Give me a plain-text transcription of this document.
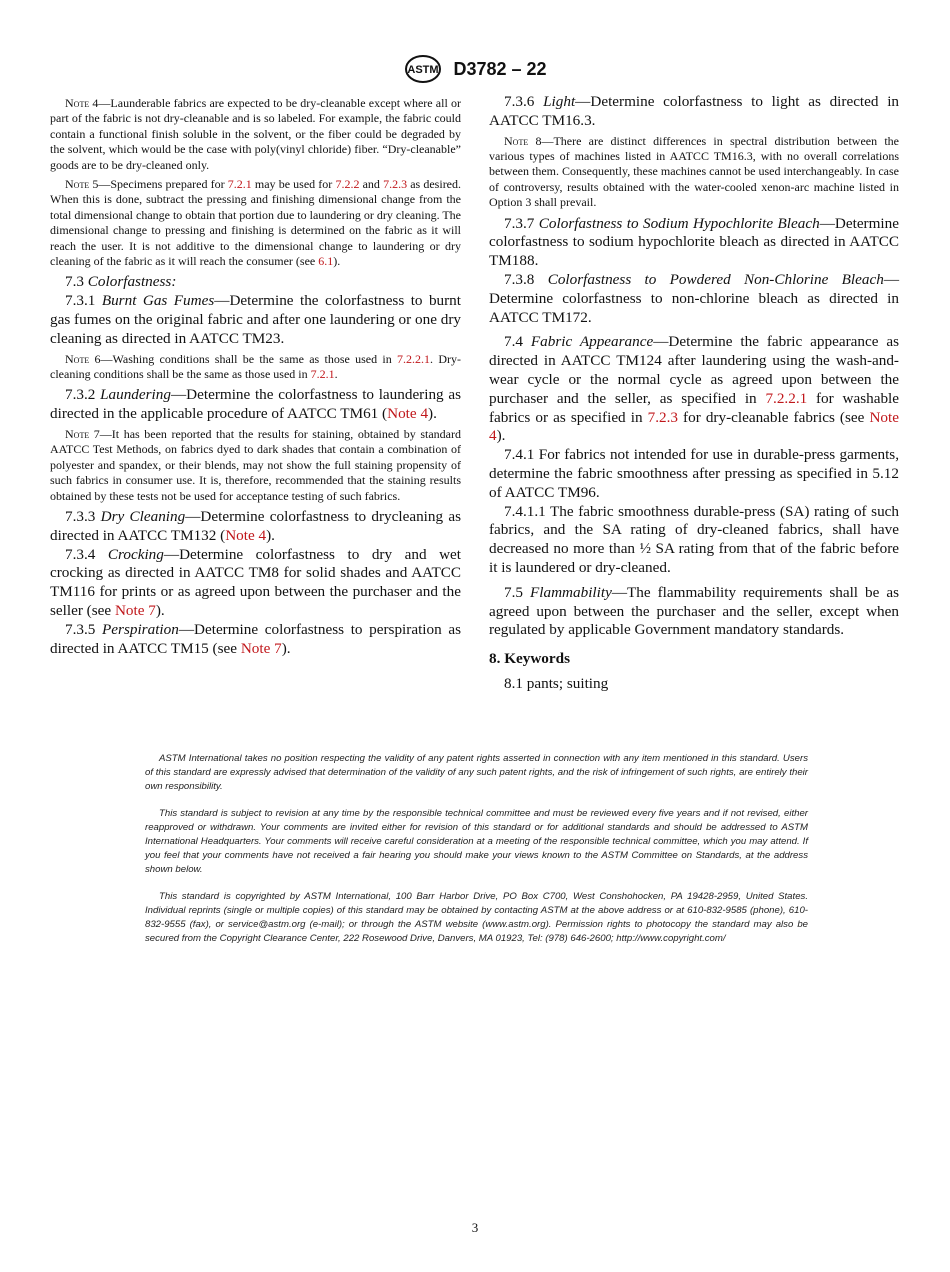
ASTM D3782 – 22

Note 4—Launderable fabrics are expected to be dry-cleanable except where all or part of the fabric is not dry-cleanable and is so labeled. For example, the fabric could contain a functional finish soluble in the solvent, or the fiber could be degraded by the solvent, which would be the case with poly(vinyl chloride) fiber. “Dry-cleanable” goods are to be dry-cleaned only.

Note 5—Specimens prepared for 7.2.1 may be used for 7.2.2 and 7.2.3 as desired. When this is done, subtract the pressing and finishing dimensional change from the total dimensional change to obtain that portion due to laundering or dry cleaning. The dimensional change to pressing and finishing is determined on the fabric as it will reach the user. It is not additive to the dimensional change to laundering or dry cleaning of the fabric as it will reach the consumer (see 6.1).

7.3 Colorfastness:

7.3.1 Burnt Gas Fumes—Determine the colorfastness to burnt gas fumes on the original fabric and after one laundering or one dry cleaning as directed in AATCC TM23.

Note 6—Washing conditions shall be the same as those used in 7.2.2.1. Dry-cleaning conditions shall be the same as those used in 7.2.1.

7.3.2 Laundering—Determine the colorfastness to laundering as directed in the applicable procedure of AATCC TM61 (Note 4).

Note 7—It has been reported that the results for staining, obtained by standard AATCC Test Methods, on fabrics dyed to dark shades that contain a combination of polyester and spandex, or their blends, may not show the full staining propensity of such fabrics in consumer use. It is, therefore, recommended that the staining results obtained by these tests not be used for acceptance testing of such fabrics.

7.3.3 Dry Cleaning—Determine colorfastness to drycleaning as directed in AATCC TM132 (Note 4).

7.3.4 Crocking—Determine colorfastness to dry and wet crocking as directed in AATCC TM8 for solid shades and AATCC TM116 for prints or as agreed upon between the purchaser and the seller (see Note 7).

7.3.5 Perspiration—Determine colorfastness to perspiration as directed in AATCC TM15 (see Note 7).

7.3.6 Light—Determine colorfastness to light as directed in AATCC TM16.3.

Note 8—There are distinct differences in spectral distribution between the various types of machines listed in AATCC TM16.3, with no overall correlations between them. Consequently, these machines cannot be used interchangeably. In case of controversy, results obtained with the water-cooled xenon-arc machine listed in Option 3 shall prevail.

7.3.7 Colorfastness to Sodium Hypochlorite Bleach—Determine colorfastness to sodium hypochlorite bleach as directed in AATCC TM188.

7.3.8 Colorfastness to Powdered Non-Chlorine Bleach—Determine colorfastness to non-chlorine bleach as directed in AATCC TM172.

7.4 Fabric Appearance—Determine the fabric appearance as directed in AATCC TM124 after laundering using the wash-and-wear cycle or the normal cycle as agreed upon between the purchaser and the seller, as specified in 7.2.2.1 for washable fabrics or as specified in 7.2.3 for dry-cleanable fabrics (see Note 4).

7.4.1 For fabrics not intended for use in durable-press garments, determine the fabric smoothness after pressing as specified in 5.12 of AATCC TM96.

7.4.1.1 The fabric smoothness durable-press (SA) rating of such fabrics, and the SA rating of dry-cleaned fabrics, shall have decreased no more than ½ SA rating from that of the fabric before it is laundered or dry-cleaned.

7.5 Flammability—The flammability requirements shall be as agreed upon between the purchaser and the seller, except when regulated by applicable Government mandatory standards.

8. Keywords

8.1 pants; suiting

ASTM International takes no position respecting the validity of any patent rights asserted in connection with any item mentioned in this standard. Users of this standard are expressly advised that determination of the validity of any such patent rights, and the risk of infringement of such rights, are entirely their own responsibility.

This standard is subject to revision at any time by the responsible technical committee and must be reviewed every five years and if not revised, either reapproved or withdrawn. Your comments are invited either for revision of this standard or for additional standards and should be addressed to ASTM International Headquarters. Your comments will receive careful consideration at a meeting of the responsible technical committee, which you may attend. If you feel that your comments have not received a fair hearing you should make your views known to the ASTM Committee on Standards, at the address shown below.

This standard is copyrighted by ASTM International, 100 Barr Harbor Drive, PO Box C700, West Conshohocken, PA 19428-2959, United States. Individual reprints (single or multiple copies) of this standard may be obtained by contacting ASTM at the above address or at 610-832-9585 (phone), 610-832-9555 (fax), or service@astm.org (e-mail); or through the ASTM website (www.astm.org). Permission rights to photocopy the standard may also be secured from the Copyright Clearance Center, 222 Rosewood Drive, Danvers, MA 01923, Tel: (978) 646-2600; http://www.copyright.com/

3
